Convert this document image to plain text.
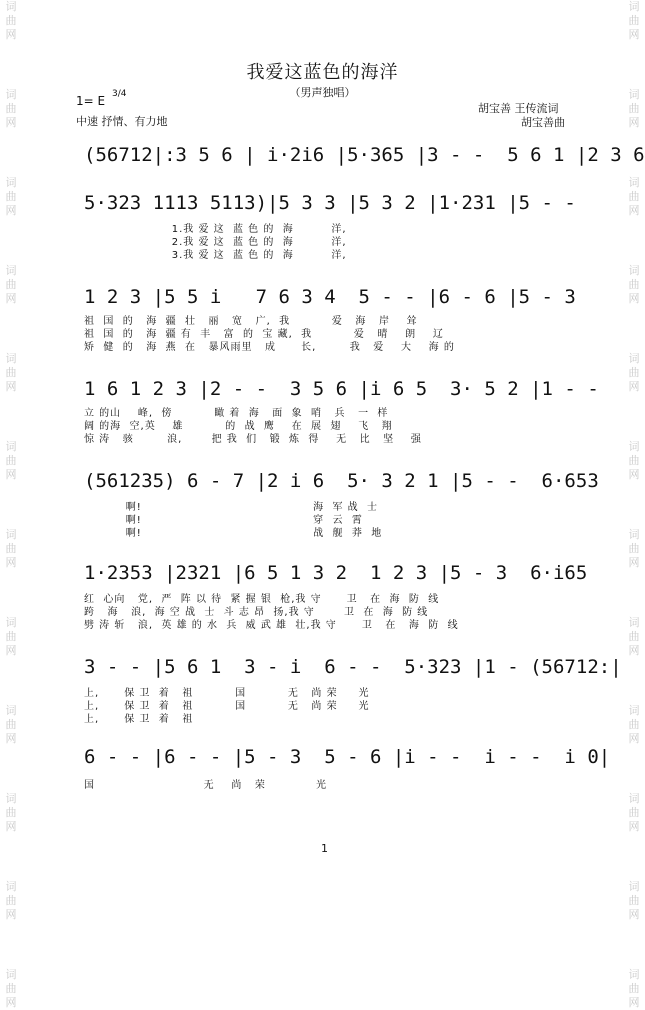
词曲网
词曲网
词曲网
词曲网
词曲网
词曲网
词曲网
词曲网
词曲网
词曲网
词曲网
词曲网
词曲网
词曲网
词曲网
词曲网
词曲网
词曲网
词曲网
词曲网
词曲网
词曲网
词曲网
词曲网
我爱这蓝色的海洋
（男声独唱）
1= E 3/4
中速 抒情、有力地
胡宝善 王传流词
胡宝善曲
(56712|:3 5 6 | i·2i6 |5·365 |3 - -  5 6 1 |2 3 6
5·323 1113 5113)|5 3 3 |5 3 2 |1·231 |5 - -
1.我 爱 这  蓝 色 的  海         洋,
2.我 爱 这  蓝 色 的  海         洋,
3.我 爱 这  蓝 色 的  海         洋,
1 2 3 |5 5 i   7 6 3 4  5 - - |6 - 6 |5 - 3
祖  国  的   海  疆  壮   丽   宽   广,  我          爱   海   岸    耸
祖  国  的   海  疆 有  丰   富  的  宝 藏,  我          爱   晴    朗    辽
矫  健  的   海  燕  在   暴风雨里   成      长,        我   爱    大    海 的
1 6 1 2 3 |2 - -  3 5 6 |i 6 5  3· 5 2 |1 - -
立 的山    峰,  傍          瞰 着  海   面  象  哨   兵   一  样
阔 的海  空,英    雄          的  战  鹰    在  展  翅    飞   翔
惊 涛   骇        浪,       把 我  们   锻  炼  得    无   比   坚    强
(561235) 6 - 7 |2 i 6  5· 3 2 1 |5 - -  6·653
啊!                                         海  军 战  士
啊!                                         穿  云  霄
啊!                                         战  舰  莽  地
1·2353 |2321 |6 5 1 3 2  1 2 3 |5 - 3  6·i65
红  心向   党,  严  阵 以 待  紧 握 银  枪,我 守      卫   在  海  防  线
跨   海   浪,  海 空 战  士  斗 志 昂  扬,我 守       卫  在  海  防 线
劈 涛 斩   浪,  英 雄 的 水  兵  威 武 雄  壮,我 守      卫   在   海  防  线
3 - - |5 6 1  3 - i  6 - -  5·323 |1 - (56712:|
上,      保 卫  着   祖          国          无   尚 荣     光
上,      保 卫  着   祖          国          无   尚 荣     光
上,      保 卫  着   祖
6 - - |6 - - |5 - 3  5 - 6 |i - -  i - -  i 0|
国                          无    尚   荣            光
1
